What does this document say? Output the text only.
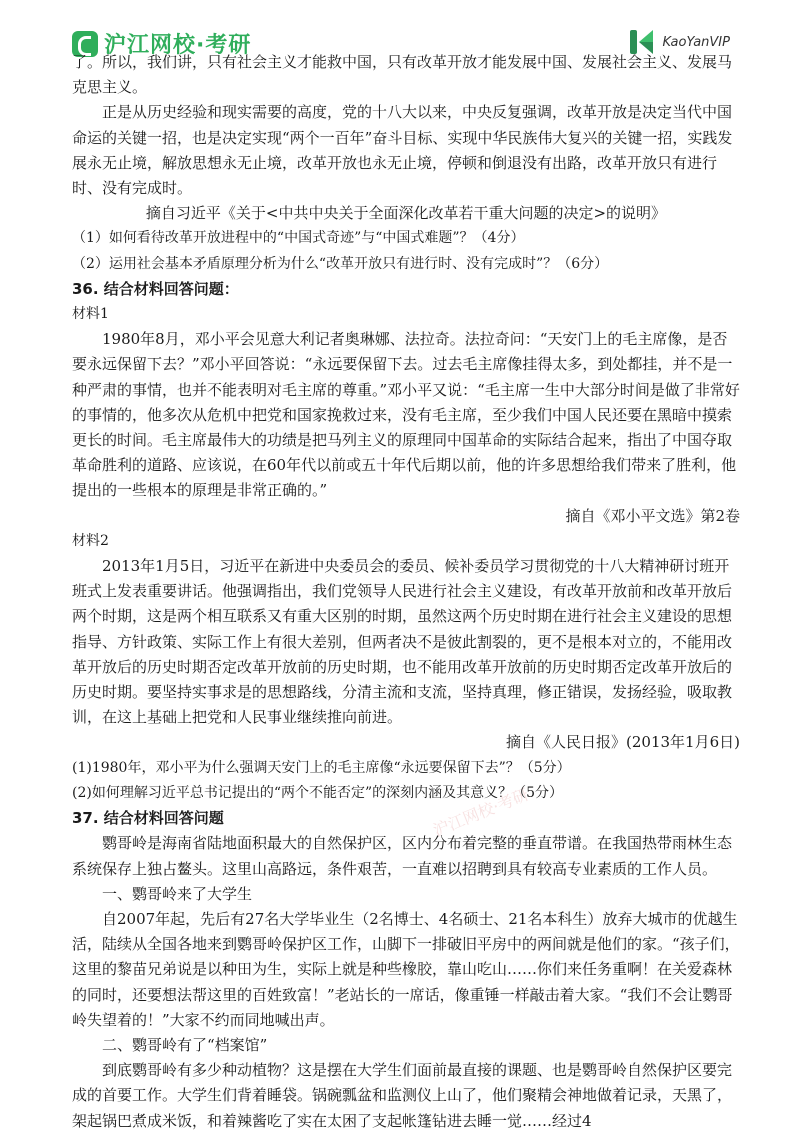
沪江网校·考研	KaoYanVIP
沪江网校·考研

了。所以，我们讲，只有社会主义才能救中国，只有改革开放才能发展中国、发展社会主义、发展马克思主义。

正是从历史经验和现实需要的高度，党的十八大以来，中央反复强调，改革开放是决定当代中国命运的关键一招，也是决定实现“两个一百年”奋斗目标、实现中华民族伟大复兴的关键一招，实践发展永无止境，解放思想永无止境，改革开放也永无止境，停顿和倒退没有出路，改革开放只有进行时、没有完成时。

摘自习近平《关于<中共中央关于全面深化改革若干重大问题的决定>的说明》

（1）如何看待改革开放进程中的“中国式奇迹”与“中国式难题”？（4分）

（2）运用社会基本矛盾原理分析为什么“改革开放只有进行时、没有完成时”？（6分）

36. 结合材料回答问题：

材料1

1980年8月，邓小平会见意大利记者奥琳娜、法拉奇。法拉奇问：“天安门上的毛主席像，是否要永远保留下去？”邓小平回答说：“永远要保留下去。过去毛主席像挂得太多，到处都挂，并不是一种严肃的事情，也并不能表明对毛主席的尊重。”邓小平又说：“毛主席一生中大部分时间是做了非常好的事情的，他多次从危机中把党和国家挽救过来，没有毛主席，至少我们中国人民还要在黑暗中摸索更长的时间。毛主席最伟大的功绩是把马列主义的原理同中国革命的实际结合起来，指出了中国夺取革命胜利的道路、应该说，在60年代以前或五十年代后期以前，他的许多思想给我们带来了胜利，他提出的一些根本的原理是非常正确的。”

摘自《邓小平文选》第2卷

材料2

2013年1月5日，习近平在新进中央委员会的委员、候补委员学习贯彻党的十八大精神研讨班开班式上发表重要讲话。他强调指出，我们党领导人民进行社会主义建设，有改革开放前和改革开放后两个时期，这是两个相互联系又有重大区别的时期，虽然这两个历史时期在进行社会主义建设的思想指导、方针政策、实际工作上有很大差别，但两者决不是彼此割裂的，更不是根本对立的，不能用改革开放后的历史时期否定改革开放前的历史时期，也不能用改革开放前的历史时期否定改革开放后的历史时期。要坚持实事求是的思想路线，分清主流和支流，坚持真理，修正错误，发扬经验，吸取教训，在这上基础上把党和人民事业继续推向前进。

摘自《人民日报》(2013年1月6日)

(1)1980年，邓小平为什么强调天安门上的毛主席像“永远要保留下去”？（5分）

(2)如何理解习近平总书记提出的“两个不能否定”的深刻内涵及其意义？（5分）

37. 结合材料回答问题

鹦哥岭是海南省陆地面积最大的自然保护区，区内分布着完整的垂直带谱。在我国热带雨林生态系统保存上独占鳌头。这里山高路远，条件艰苦，一直难以招聘到具有较高专业素质的工作人员。

一、鹦哥岭来了大学生

自2007年起，先后有27名大学毕业生（2名博士、4名硕士、21名本科生）放弃大城市的优越生活，陆续从全国各地来到鹦哥岭保护区工作，山脚下一排破旧平房中的两间就是他们的家。“孩子们，这里的黎苗兄弟说是以种田为生，实际上就是种些橡胶，靠山吃山……你们来任务重啊！在关爱森林的同时，还要想法帮这里的百姓致富！”老站长的一席话，像重锤一样敲击着大家。“我们不会让鹦哥岭失望着的！”大家不约而同地喊出声。

二、鹦哥岭有了“档案馆”

到底鹦哥岭有多少种动植物？这是摆在大学生们面前最直接的课题、也是鹦哥岭自然保护区要完成的首要工作。大学生们背着睡袋。锅碗瓢盆和监测仪上山了，他们聚精会神地做着记录，天黑了，架起锅巴煮成米饭，和着辣酱吃了实在太困了支起帐篷钻进去睡一觉……经过4
